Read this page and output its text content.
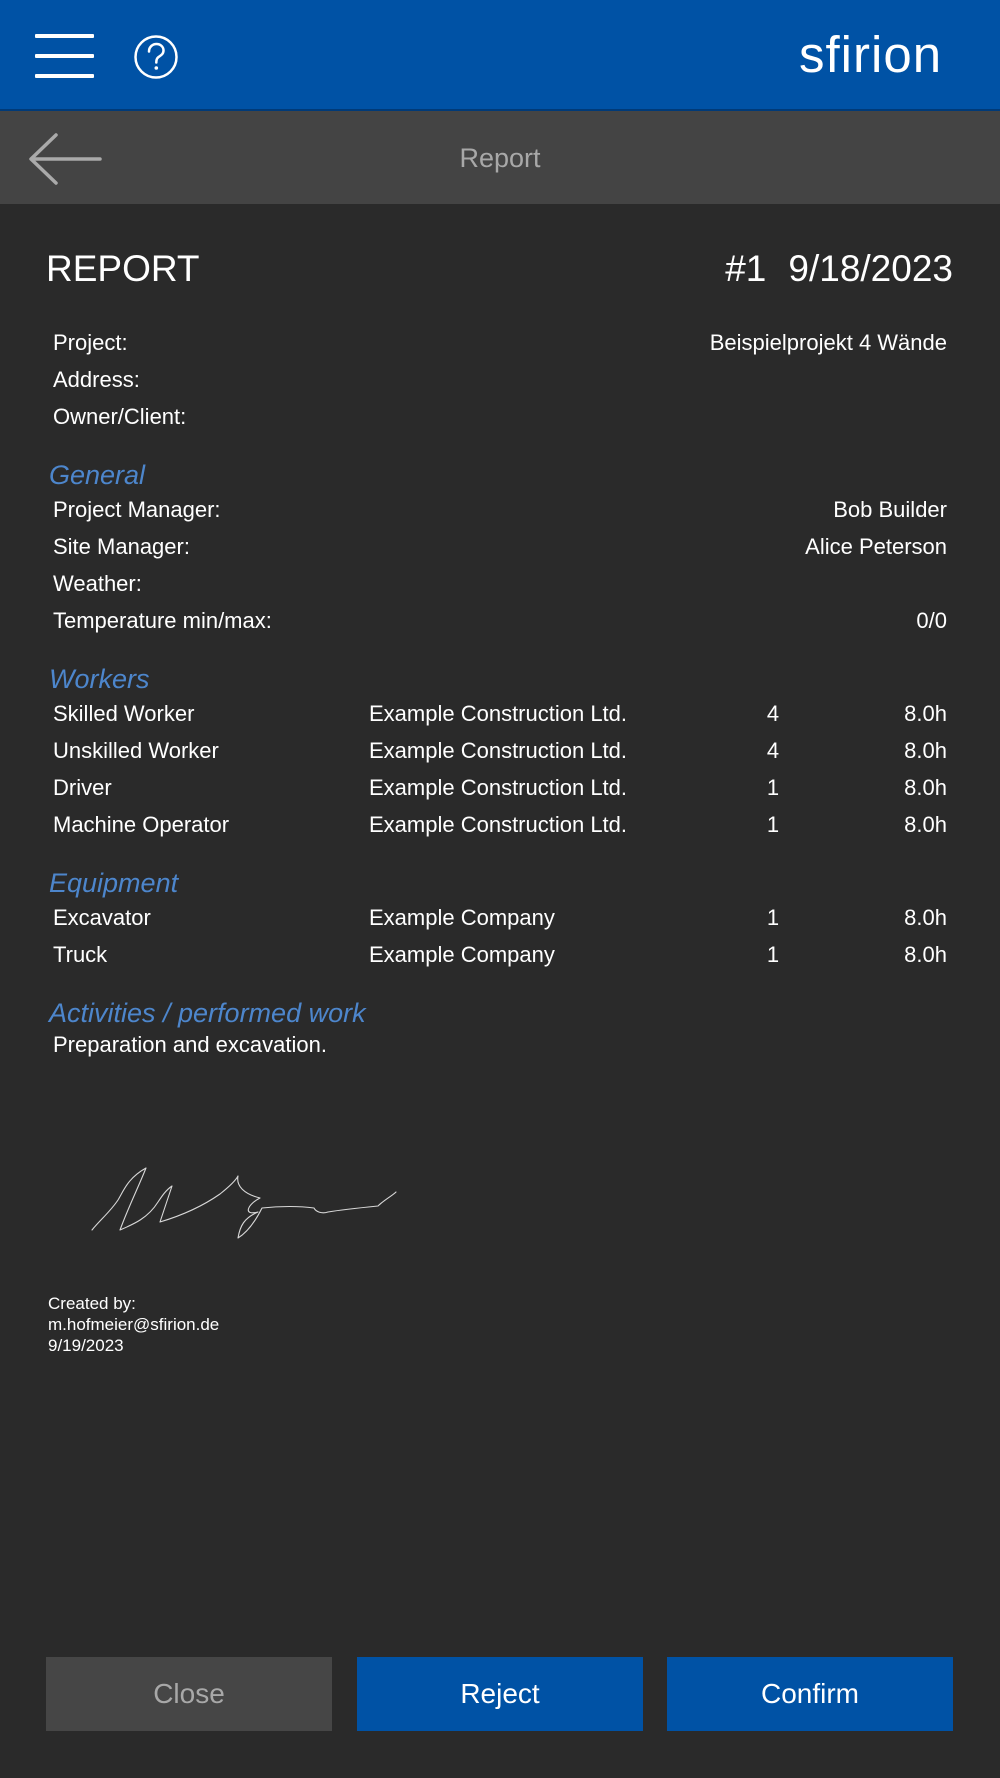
sfirion
Report
REPORT	#1 9/18/2023
Project:	Beispielprojekt 4 Wände
Address:
Owner/Client:
General
Project Manager:	Bob Builder
Site Manager:	Alice Peterson
Weather:
Temperature min/max:	0/0
Workers
Skilled Worker	Example Construction Ltd.	4	8.0h
Unskilled Worker	Example Construction Ltd.	4	8.0h
Driver	Example Construction Ltd.	1	8.0h
Machine Operator	Example Construction Ltd.	1	8.0h
Equipment
Excavator	Example Company	1	8.0h
Truck	Example Company	1	8.0h
Activities / performed work
Preparation and excavation.
Created by:
m.hofmeier@sfirion.de
9/19/2023
Close	Reject	Confirm
